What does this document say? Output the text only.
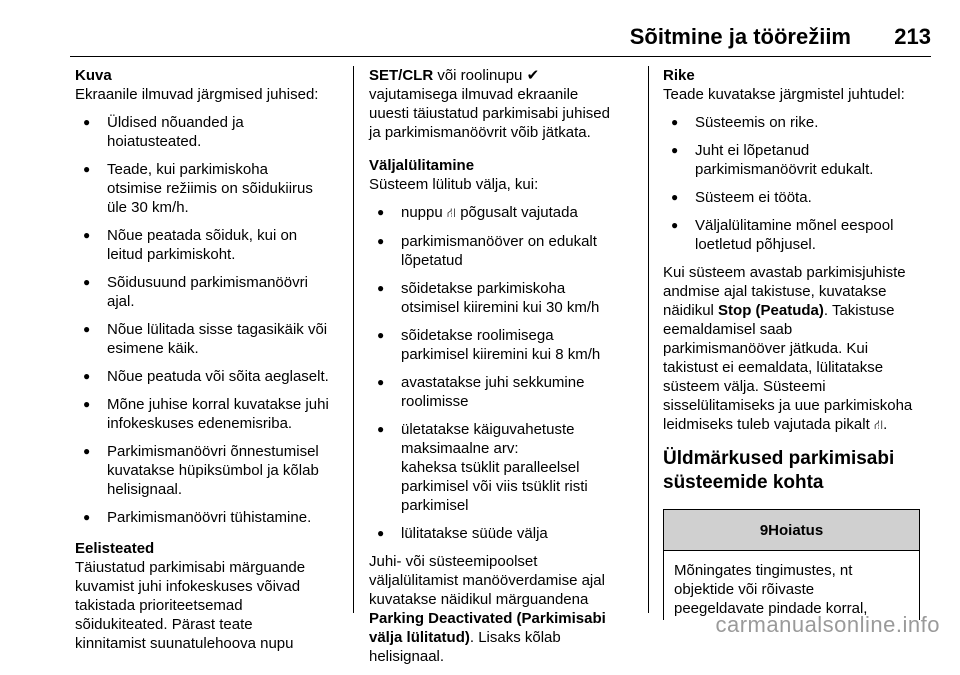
Sõitmine ja töörežiim 213

Kuva

Ekraanile ilmuvad järgmised juhised:

● Üldised nõuanded ja
hoiatusteated.
● Teade, kui parkimiskoha
otsimise režiimis on sõidukiirus
üle 30 km/h.
● Nõue peatada sõiduk, kui on
leitud parkimiskoht.
● Sõidusuund parkimismanöövri
ajal.
● Nõue lülitada sisse tagasikäik või
esimene käik.
● Nõue peatuda või sõita aeglaselt.
● Mõne juhise korral kuvatakse juhi
infokeskuses edenemisriba.
● Parkimismanöövri õnnestumisel
kuvatakse hüpiksümbol ja kõlab
helisignaal.
● Parkimismanöövri tühistamine.

Eelisteated

Täiustatud parkimisabi märguande
kuvamist juhi infokeskuses võivad
takistada prioriteetsemad
sõidukiteated. Pärast teate
kinnitamist suunatulehoova nupu

SET/CLR või roolinupu ✔
vajutamisega ilmuvad ekraanile
uuesti täiustatud parkimisabi juhised
ja parkimismanöövrit võib jätkata.

Väljalülitamine

Süsteem lülitub välja, kui:

● nuppu ⛙ põgusalt vajutada
● parkimismanööver on edukalt
lõpetatud
● sõidetakse parkimiskoha
otsimisel kiiremini kui 30 km/h
● sõidetakse roolimisega
parkimisel kiiremini kui 8 km/h
● avastatakse juhi sekkumine
roolimisse
● ületatakse käiguvahetuste
maksimaalne arv:
kaheksa tsüklit paralleelsel
parkimisel või viis tsüklit risti
parkimisel
● lülitatakse süüde välja

Juhi- või süsteemipoolset
väljalülitamist manööverdamise ajal
kuvatakse näidikul märguandena
Parking Deactivated (Parkimisabi
välja lülitatud). Lisaks kõlab
helisignaal.

Rike

Teade kuvatakse järgmistel juhtudel:

● Süsteemis on rike.
● Juht ei lõpetanud
parkimismanöövrit edukalt.
● Süsteem ei tööta.
● Väljalülitamine mõnel eespool
loetletud põhjusel.

Kui süsteem avastab parkimisjuhiste
andmise ajal takistuse, kuvatakse
näidikul Stop (Peatuda). Takistuse
eemaldamisel saab
parkimismanööver jätkuda. Kui
takistust ei eemaldata, lülitatakse
süsteem välja. Süsteemi
sisselülitamiseks ja uue parkimiskoha
leidmiseks tuleb vajutada pikalt ⛙.

Üldmärkused parkimisabi
süsteemide kohta
9Hoiatus
Mõningates tingimustes, nt
objektide või rõivaste
peegeldavate pindade korral,
carmanualsonline.info
